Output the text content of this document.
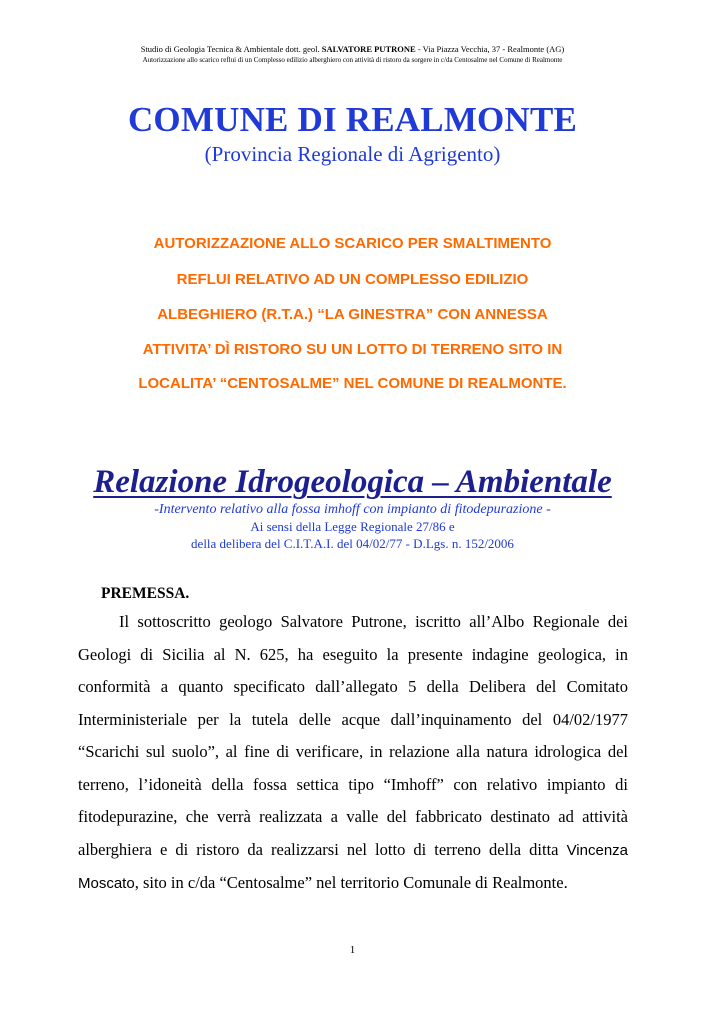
Studio di Geologia Tecnica & Ambientale dott. geol. SALVATORE PUTRONE - Via Piazza Vecchia, 37 - Realmonte (AG)
Autorizzazione allo scarico reflui di un Complesso edilizio alberghiero con attività di ristoro da sorgere in c/da Centosalme nel Comune di Realmonte
COMUNE DI REALMONTE
(Provincia Regionale di Agrigento)
AUTORIZZAZIONE ALLO SCARICO PER SMALTIMENTO
REFLUI RELATIVO AD UN COMPLESSO EDILIZIO
ALBEGHIERO (R.T.A.) “LA GINESTRA” CON ANNESSA
ATTIVITA’ DÌ RISTORO SU UN LOTTO DI TERRENO SITO IN
LOCALITA’ “CENTOSALME” NEL COMUNE DI REALMONTE.
Relazione Idrogeologica – Ambientale
-Intervento relativo alla fossa imhoff con impianto di fitodepurazione -
Ai sensi della Legge Regionale 27/86 e
della delibera del C.I.T.A.I. del 04/02/77 - D.Lgs. n. 152/2006
PREMESSA.

Il sottoscritto geologo Salvatore Putrone, iscritto all’Albo Regionale dei Geologi di Sicilia al N. 625, ha eseguito la presente indagine geologica, in conformità a quanto specificato dall’allegato 5 della Delibera del Comitato Interministeriale per la tutela delle acque dall’inquinamento del 04/02/1977 “Scarichi sul suolo”, al fine di verificare, in relazione alla natura idrologica del terreno, l’idoneità della fossa settica tipo “Imhoff” con relativo impianto di fitodepurazine, che verrà realizzata a valle del fabbricato destinato ad attività alberghiera e di ristoro da realizzarsi nel lotto di terreno della ditta Vincenza Moscato, sito in c/da “Centosalme” nel territorio Comunale di Realmonte.

1
